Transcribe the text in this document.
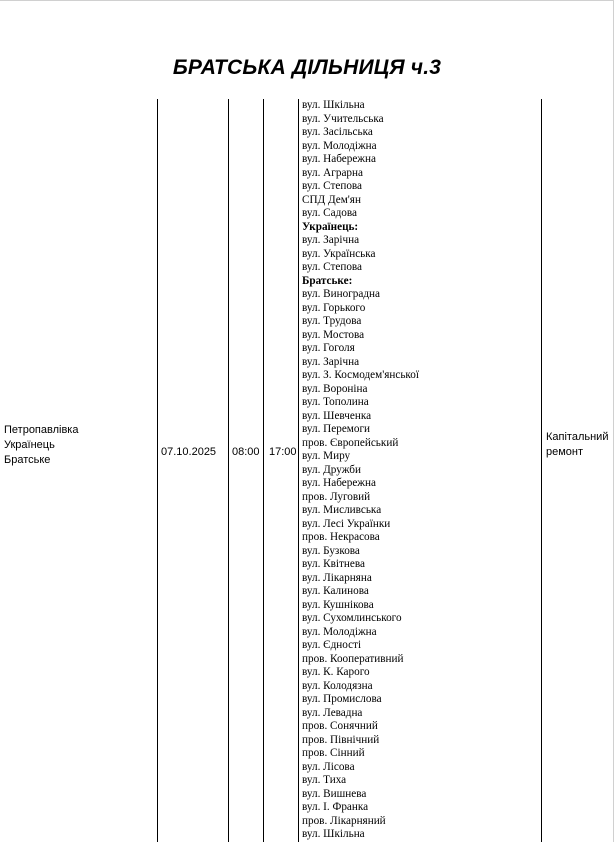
БРАТСЬКА ДІЛЬНИЦЯ ч.3
Петропавлівка
Українець
Братське
07.10.2025 08:00 17:00
Капітальний ремонт
вул. Шкільна
вул. Учительська
вул. Засільська
вул. Молодіжна
вул. Набережна
вул. Аграрна
вул. Степова
СПД Дем'ян
вул. Садова
Українець:
вул. Зарічна
вул. Українська
вул. Степова
Братське:
вул. Виноградна
вул. Горького
вул. Трудова
вул. Мостова
вул. Гоголя
вул. Зарічна
вул. З. Космодем'янської
вул. Вороніна
вул. Тополина
вул. Шевченка
вул. Перемоги
пров. Європейський
вул. Миру
вул. Дружби
вул. Набережна
пров. Луговий
вул. Мисливська
вул. Лесі Українки
пров. Некрасова
вул. Бузкова
вул. Квітнева
вул. Лікарняна
вул. Калинова
вул. Кушнікова
вул. Сухомлинського
вул. Молодіжна
вул. Єдності
пров. Кооперативний
вул. К. Карого
вул. Колодязна
вул. Промислова
вул. Левадна
пров. Сонячний
пров. Північний
пров. Сінний
вул. Лісова
вул. Тиха
вул. Вишнева
вул. І. Франка
пров. Лікарняний
вул. Шкільна
